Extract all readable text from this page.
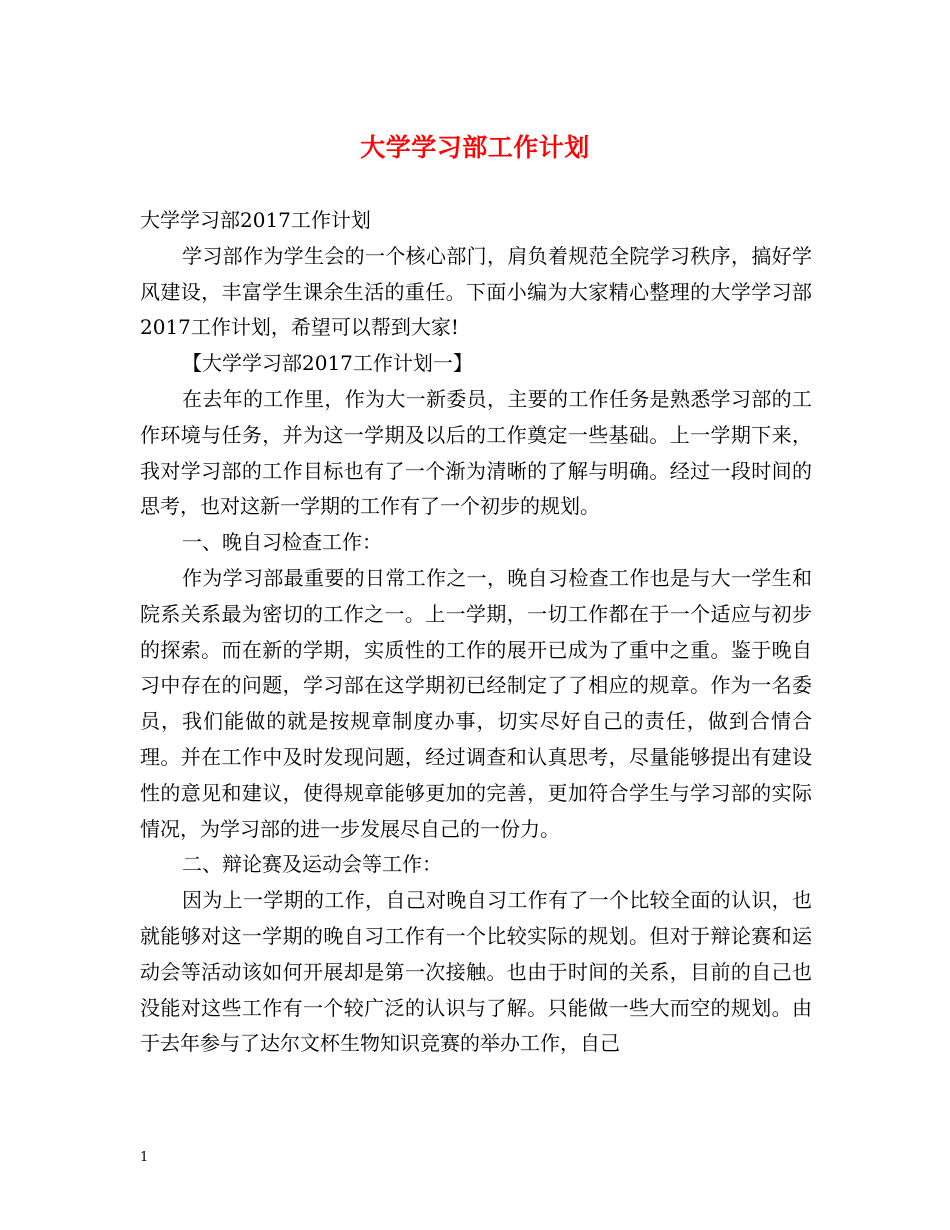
大学学习部工作计划

大学学习部2017工作计划

学习部作为学生会的一个核心部门，肩负着规范全院学习秩序，搞好学风建设，丰富学生课余生活的重任。下面小编为大家精心整理的大学学习部2017工作计划，希望可以帮到大家!

【大学学习部2017工作计划一】

在去年的工作里，作为大一新委员，主要的工作任务是熟悉学习部的工作环境与任务，并为这一学期及以后的工作奠定一些基础。上一学期下来，我对学习部的工作目标也有了一个渐为清晰的了解与明确。经过一段时间的思考，也对这新一学期的工作有了一个初步的规划。

一、晚自习检查工作：

作为学习部最重要的日常工作之一，晚自习检查工作也是与大一学生和院系关系最为密切的工作之一。上一学期，一切工作都在于一个适应与初步的探索。而在新的学期，实质性的工作的展开已成为了重中之重。鉴于晚自习中存在的问题，学习部在这学期初已经制定了了相应的规章。作为一名委员，我们能做的就是按规章制度办事，切实尽好自己的责任，做到合情合理。并在工作中及时发现问题，经过调查和认真思考，尽量能够提出有建设性的意见和建议，使得规章能够更加的完善，更加符合学生与学习部的实际情况，为学习部的进一步发展尽自己的一份力。

二、辩论赛及运动会等工作：

因为上一学期的工作，自己对晚自习工作有了一个比较全面的认识，也就能够对这一学期的晚自习工作有一个比较实际的规划。但对于辩论赛和运动会等活动该如何开展却是第一次接触。也由于时间的关系，目前的自己也没能对这些工作有一个较广泛的认识与了解。只能做一些大而空的规划。由于去年参与了达尔文杯生物知识竞赛的举办工作，自己

1
